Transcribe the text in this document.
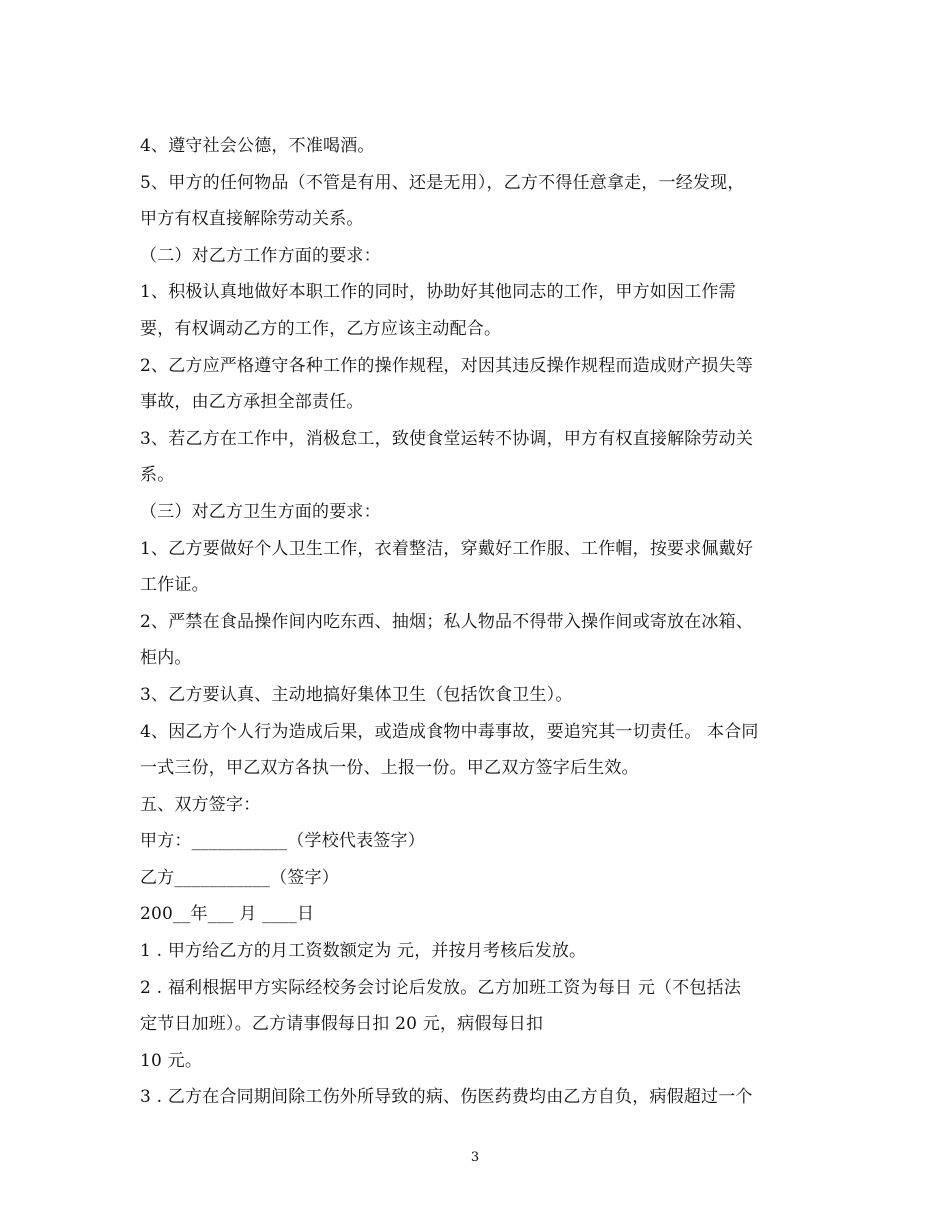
4、遵守社会公德，不准喝酒。
5、甲方的任何物品（不管是有用、还是无用），乙方不得任意拿走，一经发现，
甲方有权直接解除劳动关系。
（二）对乙方工作方面的要求：
1、积极认真地做好本职工作的同时，协助好其他同志的工作，甲方如因工作需
要，有权调动乙方的工作，乙方应该主动配合。
2、乙方应严格遵守各种工作的操作规程，对因其违反操作规程而造成财产损失等
事故，由乙方承担全部责任。
3、若乙方在工作中，消极怠工，致使食堂运转不协调，甲方有权直接解除劳动关
系。
（三）对乙方卫生方面的要求：
1、乙方要做好个人卫生工作，衣着整洁，穿戴好工作服、工作帽，按要求佩戴好
工作证。
2、严禁在食品操作间内吃东西、抽烟；私人物品不得带入操作间或寄放在冰箱、
柜内。
3、乙方要认真、主动地搞好集体卫生（包括饮食卫生）。
4、因乙方个人行为造成后果，或造成食物中毒事故，要追究其一切责任。 本合同
一式三份，甲乙双方各执一份、上报一份。甲乙双方签字后生效。
五、双方签字：
甲方：___________（学校代表签字）
乙方___________（签字）
200__年___ 月 ____日
1 . 甲方给乙方的月工资数额定为 元，并按月考核后发放。
2 . 福利根据甲方实际经校务会讨论后发放。乙方加班工资为每日 元（不包括法
定节日加班）。乙方请事假每日扣 20 元，病假每日扣
10 元。
3 . 乙方在合同期间除工伤外所导致的病、伤医药费均由乙方自负，病假超过一个
3
